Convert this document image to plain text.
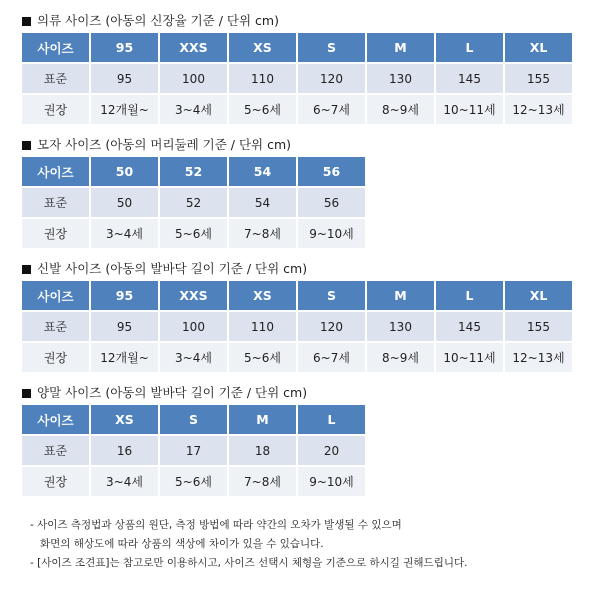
의류 사이즈 (아동의 신장율 기준 / 단위 cm)
사이즈	95	XXS	XS	S	M	L	XL
표준	95	100	110	120	130	145	155
권장	12개월~	3~4세	5~6세	6~7세	8~9세	10~11세	12~13세
모자 사이즈 (아동의 머리둘레 기준 / 단위 cm)
사이즈	50	52	54	56
표준	50	52	54	56
권장	3~4세	5~6세	7~8세	9~10세
신발 사이즈 (아동의 발바닥 길이 기준 / 단위 cm)
사이즈	95	XXS	XS	S	M	L	XL
표준	95	100	110	120	130	145	155
권장	12개월~	3~4세	5~6세	6~7세	8~9세	10~11세	12~13세
양말 사이즈 (아동의 발바닥 길이 기준 / 단위 cm)
사이즈	XS	S	M	L
표준	16	17	18	20
권장	3~4세	5~6세	7~8세	9~10세
- 사이즈 측정법과 상품의 원단, 측정 방법에 따라 약간의 오차가 발생될 수 있으며
화면의 해상도에 따라 상품의 색상에 차이가 있을 수 있습니다.
- [사이즈 조견표]는 참고로만 이용하시고, 사이즈 선택시 체형을 기준으로 하시길 권해드립니다.
